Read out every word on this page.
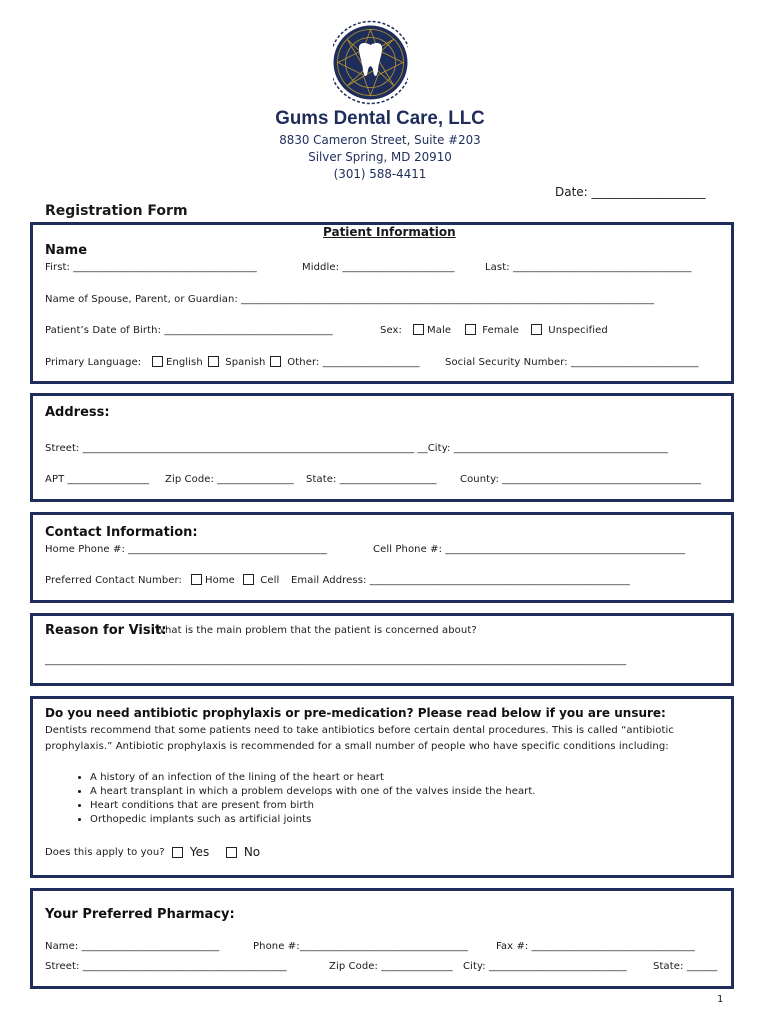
Gums Dental Care, LLC
8830 Cameron Street, Suite #203
Silver Spring, MD 20910
(301) 588-4411
Date: ___________________
Registration Form
Patient Information
Name
First: ____________________________________	Middle: ______________________	Last: ___________________________________
Name of Spouse, Parent, or Guardian: _________________________________________________________________________________
Patient’s Date of Birth: _________________________________	Sex:	Male	Female	Unspecified
Primary Language:	English	Spanish	Other: ___________________	Social Security Number: _________________________
Address:
Street: _________________________________________________________________ __City: __________________________________________
APT ________________ Zip Code: _______________ State: ___________________ County: _______________________________________
Contact Information:
Home Phone #: _______________________________________	Cell Phone #: _______________________________________________
Preferred Contact Number:	Home	Cell Email Address: ___________________________________________________
Reason for Visit:
What is the main problem that the patient is concerned about?
__________________________________________________________________________________________________________________
Do you need antibiotic prophylaxis or pre-medication? Please read below if you are unsure:
Dentists recommend that some patients need to take antibiotics before certain dental procedures. This is called “antibiotic
prophylaxis.” Antibiotic prophylaxis is recommended for a small number of people who have specific conditions including:
• A history of an infection of the lining of the heart or heart
• A heart transplant in which a problem develops with one of the valves inside the heart.
• Heart conditions that are present from birth
• Orthopedic implants such as artificial joints
Does this apply to you?	Yes	No
Your Preferred Pharmacy:
Name: ___________________________	Phone #:_________________________________	Fax #: ________________________________
Street: ________________________________________	Zip Code: ______________ City: ___________________________	State: ______
1
